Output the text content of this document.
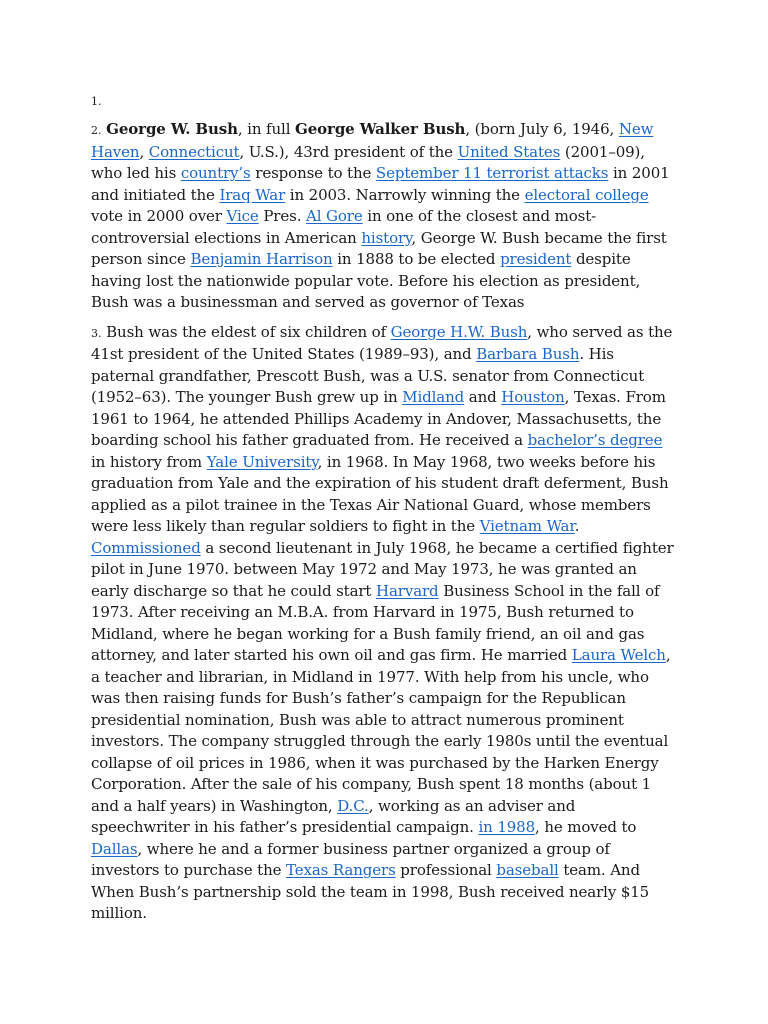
1.

2. George W. Bush, in full George Walker Bush, (born July 6, 1946, New Haven, Connecticut, U.S.), 43rd president of the United States (2001–09), who led his country’s response to the September 11 terrorist attacks in 2001 and initiated the Iraq War in 2003. Narrowly winning the electoral college vote in 2000 over Vice Pres. Al Gore in one of the closest and most-controversial elections in American history, George W. Bush became the first person since Benjamin Harrison in 1888 to be elected president despite having lost the nationwide popular vote. Before his election as president, Bush was a businessman and served as governor of Texas

3. Bush was the eldest of six children of George H.W. Bush, who served as the 41st president of the United States (1989–93), and Barbara Bush. His paternal grandfather, Prescott Bush, was a U.S. senator from Connecticut (1952–63). The younger Bush grew up in Midland and Houston, Texas. From 1961 to 1964, he attended Phillips Academy in Andover, Massachusetts, the boarding school his father graduated from. He received a bachelor’s degree in history from Yale University, in 1968. In May 1968, two weeks before his graduation from Yale and the expiration of his student draft deferment, Bush applied as a pilot trainee in the Texas Air National Guard, whose members were less likely than regular soldiers to fight in the Vietnam War. Commissioned a second lieutenant in July 1968, he became a certified fighter pilot in June 1970. between May 1972 and May 1973, he was granted an early discharge so that he could start Harvard Business School in the fall of 1973. After receiving an M.B.A. from Harvard in 1975, Bush returned to Midland, where he began working for a Bush family friend, an oil and gas attorney, and later started his own oil and gas firm. He married Laura Welch, a teacher and librarian, in Midland in 1977. With help from his uncle, who was then raising funds for Bush’s father’s campaign for the Republican presidential nomination, Bush was able to attract numerous prominent investors. The company struggled through the early 1980s until the eventual collapse of oil prices in 1986, when it was purchased by the Harken Energy Corporation. After the sale of his company, Bush spent 18 months (about 1 and a half years) in Washington, D.C., working as an adviser and speechwriter in his father’s presidential campaign. in 1988, he moved to Dallas, where he and a former business partner organized a group of investors to purchase the Texas Rangers professional baseball team. And When Bush’s partnership sold the team in 1998, Bush received nearly $15 million.
